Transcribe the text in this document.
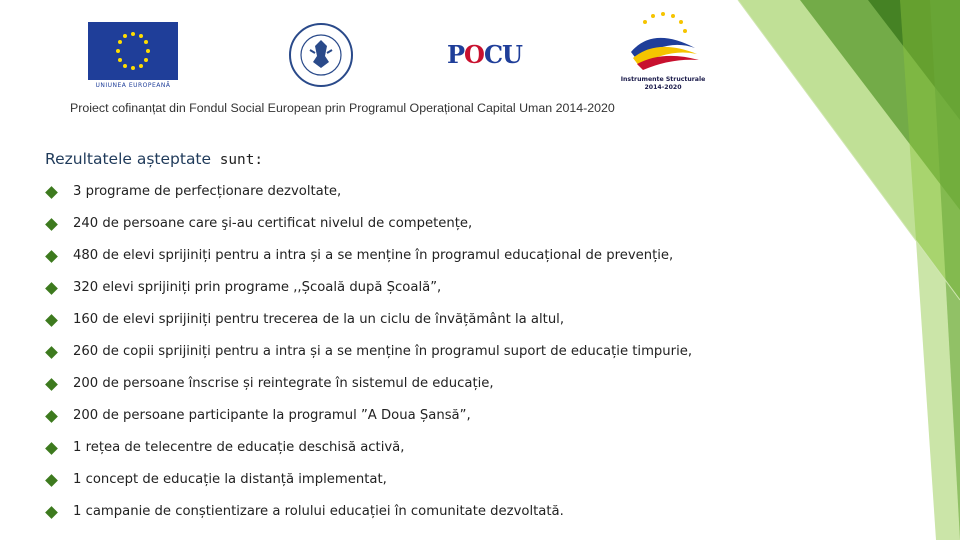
UNIUNEA EUROPEANĂ
POCU
Instrumente Structurale 2014-2020
Proiect cofinanțat din Fondul Social European prin Programul Operațional Capital Uman 2014-2020
Rezultatele așteptate sunt:
3 programe de perfecționare dezvoltate,
240 de persoane care şi-au certificat nivelul de competențe,
480 de elevi sprijiniți pentru a intra și a se menține în programul educațional de prevenție,
320 elevi sprijiniți prin programe ,,Școală după Școală”,
160 de elevi sprijiniți pentru trecerea de la un ciclu de învățământ la altul,
260 de copii sprijiniți pentru a intra și a se menține în programul suport de educație timpurie,
200 de persoane înscrise și reintegrate în sistemul de educație,
200 de persoane participante la programul ”A Doua Șansă”,
1 rețea de telecentre de educație deschisă activă,
1 concept de educație la distanță implementat,
1 campanie de conștientizare a rolului educației în comunitate dezvoltată.
